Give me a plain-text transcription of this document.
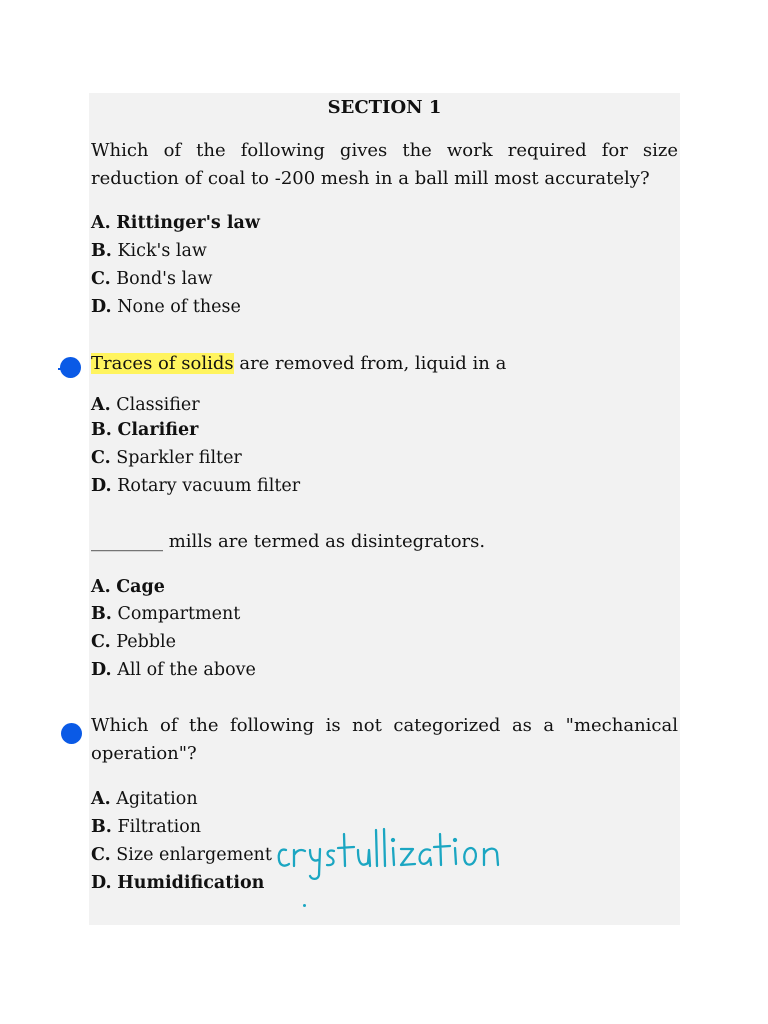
SECTION 1
Which of the following gives the work required for size reduction of coal to -200 mesh in a ball mill most accurately?
A. Rittinger's law
B. Kick's law
C. Bond's law
D. None of these
Traces of solids are removed from, liquid in a
A. Classifier
B. Clarifier
C. Sparkler filter
D. Rotary vacuum filter
________ mills are termed as disintegrators.
A. Cage
B. Compartment
C. Pebble
D. All of the above
Which of the following is not categorized as a "mechanical
operation"?
A. Agitation
B. Filtration
C. Size enlargement
D. Humidification
